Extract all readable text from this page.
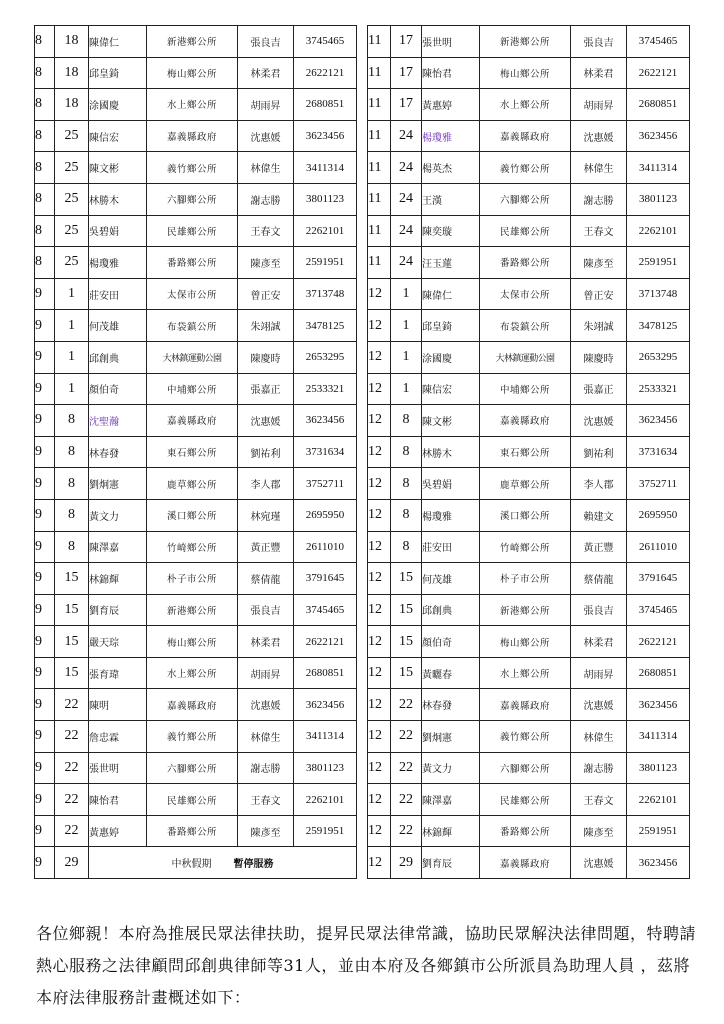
8	18	陳偉仁	新港鄉公所	張良吉	3745465
8	18	邱皇錡	梅山鄉公所	林柔君	2622121
8	18	涂國慶	水上鄉公所	胡雨昇	2680851
8	25	陳信宏	嘉義縣政府	沈惠媛	3623456
8	25	陳文彬	義竹鄉公所	林偉生	3411314
8	25	林勝木	六腳鄉公所	謝志勝	3801123
8	25	吳碧娟	民雄鄉公所	王春文	2262101
8	25	楊瓊雅	番路鄉公所	陳彥至	2591951
9	1	莊安田	太保市公所	曾正安	3713748
9	1	何茂雄	布袋鎮公所	朱翊誠	3478125
9	1	邱創典	大林鎮運動公園	陳慶時	2653295
9	1	顏伯奇	中埔鄉公所	張嘉正	2533321
9	8	沈聖瀚	嘉義縣政府	沈惠媛	3623456
9	8	林春發	東石鄉公所	劉祐利	3731634
9	8	劉炯憲	鹿草鄉公所	李人郡	3752711
9	8	黃文力	溪口鄉公所	林宛瑾	2695950
9	8	陳澤嘉	竹崎鄉公所	黃正豐	2611010
9	15	林錦輝	朴子市公所	蔡倩龍	3791645
9	15	劉育辰	新港鄉公所	張良吉	3745465
9	15	嚴天琮	梅山鄉公所	林柔君	2622121
9	15	張育瑋	水上鄉公所	胡雨昇	2680851
9	22	陳明	嘉義縣政府	沈惠媛	3623456
9	22	詹忠霖	義竹鄉公所	林偉生	3411314
9	22	張世明	六腳鄉公所	謝志勝	3801123
9	22	陳怡君	民雄鄉公所	王春文	2262101
9	22	黃惠婷	番路鄉公所	陳彥至	2591951
9	29	中秋假期 暫停服務			
11	17	張世明	新港鄉公所	張良吉	3745465
11	17	陳怡君	梅山鄉公所	林柔君	2622121
11	17	黃惠婷	水上鄉公所	胡雨昇	2680851
11	24	楊瓊雅	嘉義縣政府	沈惠媛	3623456
11	24	楊英杰	義竹鄉公所	林偉生	3411314
11	24	王漢	六腳鄉公所	謝志勝	3801123
11	24	陳奕璇	民雄鄉公所	王春文	2262101
11	24	汪玉蓮	番路鄉公所	陳彥至	2591951
12	1	陳偉仁	太保市公所	曾正安	3713748
12	1	邱皇錡	布袋鎮公所	朱翊誠	3478125
12	1	涂國慶	大林鎮運動公園	陳慶時	2653295
12	1	陳信宏	中埔鄉公所	張嘉正	2533321
12	8	陳文彬	嘉義縣政府	沈惠媛	3623456
12	8	林勝木	東石鄉公所	劉祐利	3731634
12	8	吳碧娟	鹿草鄉公所	李人郡	3752711
12	8	楊瓊雅	溪口鄉公所	賴建文	2695950
12	8	莊安田	竹崎鄉公所	黃正豐	2611010
12	15	何茂雄	朴子市公所	蔡倩龍	3791645
12	15	邱創典	新港鄉公所	張良吉	3745465
12	15	顏伯奇	梅山鄉公所	林柔君	2622121
12	15	黃曬春	水上鄉公所	胡雨昇	2680851
12	22	林春發	嘉義縣政府	沈惠媛	3623456
12	22	劉炯憲	義竹鄉公所	林偉生	3411314
12	22	黃文力	六腳鄉公所	謝志勝	3801123
12	22	陳澤嘉	民雄鄉公所	王春文	2262101
12	22	林錦輝	番路鄉公所	陳彥至	2591951
12	29	劉育辰	嘉義縣政府	沈惠媛	3623456
各位鄉親！本府為推展民眾法律扶助，提昇民眾法律常識，協助民眾解決法律問題，特聘請熱心服務之法律顧問邱創典律師等31人，並由本府及各鄉鎮市公所派員為助理人員 ，茲將本府法律服務計畫概述如下：
